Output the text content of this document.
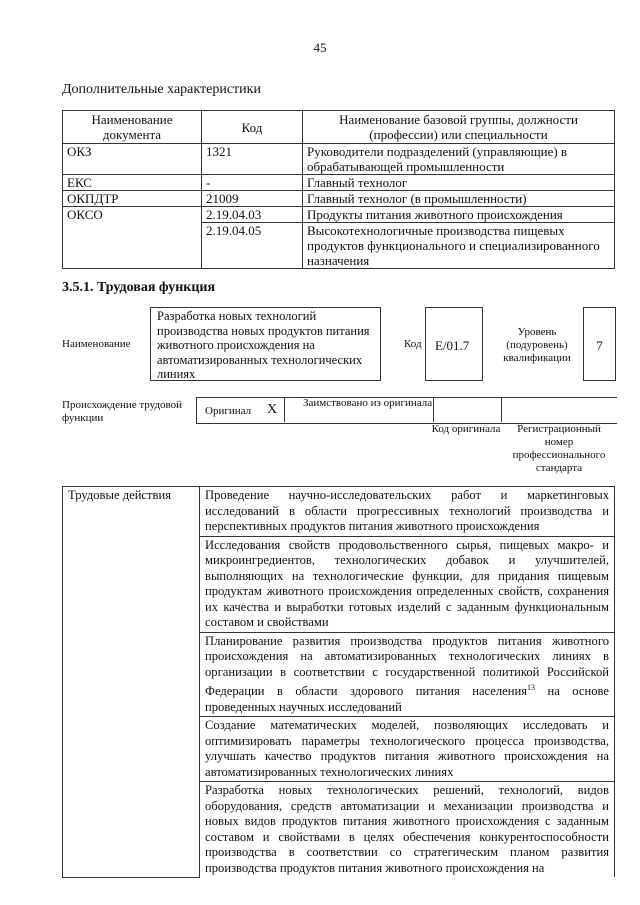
45
Дополнительные характеристики
Наименование документа	Код	Наименование базовой группы, должности (профессии) или специальности
ОКЗ	1321	Руководители подразделений (управляющие) в обрабатывающей промышленности
ЕКС	-	Главный технолог
ОКПДТР	21009	Главный технолог (в промышленности)
ОКСО	2.19.04.03	Продукты питания животного происхождения
	2.19.04.05	Высокотехнологичные производства пищевых продуктов функционального и специализированного назначения
3.5.1. Трудовая функция
Наименование
Разработка новых технологий производства новых продуктов питания животного происхождения на автоматизированных технологических линиях
Код	E/01.7
Уровень (подуровень) квалификации
7
Происхождение трудовой функции
Оригинал X	Заимствовано из оригинала
Код оригинала	Регистрационный номер профессионального стандарта
Трудовые действия	Проведение научно-исследовательских работ и маркетинговых исследований в области прогрессивных технологий производства и перспективных продуктов питания животного происхождения
Исследования свойств продовольственного сырья, пищевых макро- и микроингредиентов, технологических добавок и улучшителей, выполняющих на технологические функции, для придания пищевым продуктам животного происхождения определенных свойств, сохранения их качества и выработки готовых изделий с заданным функциональным составом и свойствами
Планирование развития производства продуктов питания животного происхождения на автоматизированных технологических линиях в организации в соответствии с государственной политикой Российской Федерации в области здорового питания населения$^{13}$ на основе проведенных научных исследований
Создание математических моделей, позволяющих исследовать и оптимизировать параметры технологического процесса производства, улучшать качество продуктов питания животного происхождения на автоматизированных технологических линиях
Разработка новых технологических решений, технологий, видов оборудования, средств автоматизации и механизации производства и новых видов продуктов питания животного происхождения с заданным составом и свойствами в целях обеспечения конкурентоспособности производства в соответствии со стратегическим планом развития производства продуктов питания животного происхождения на
